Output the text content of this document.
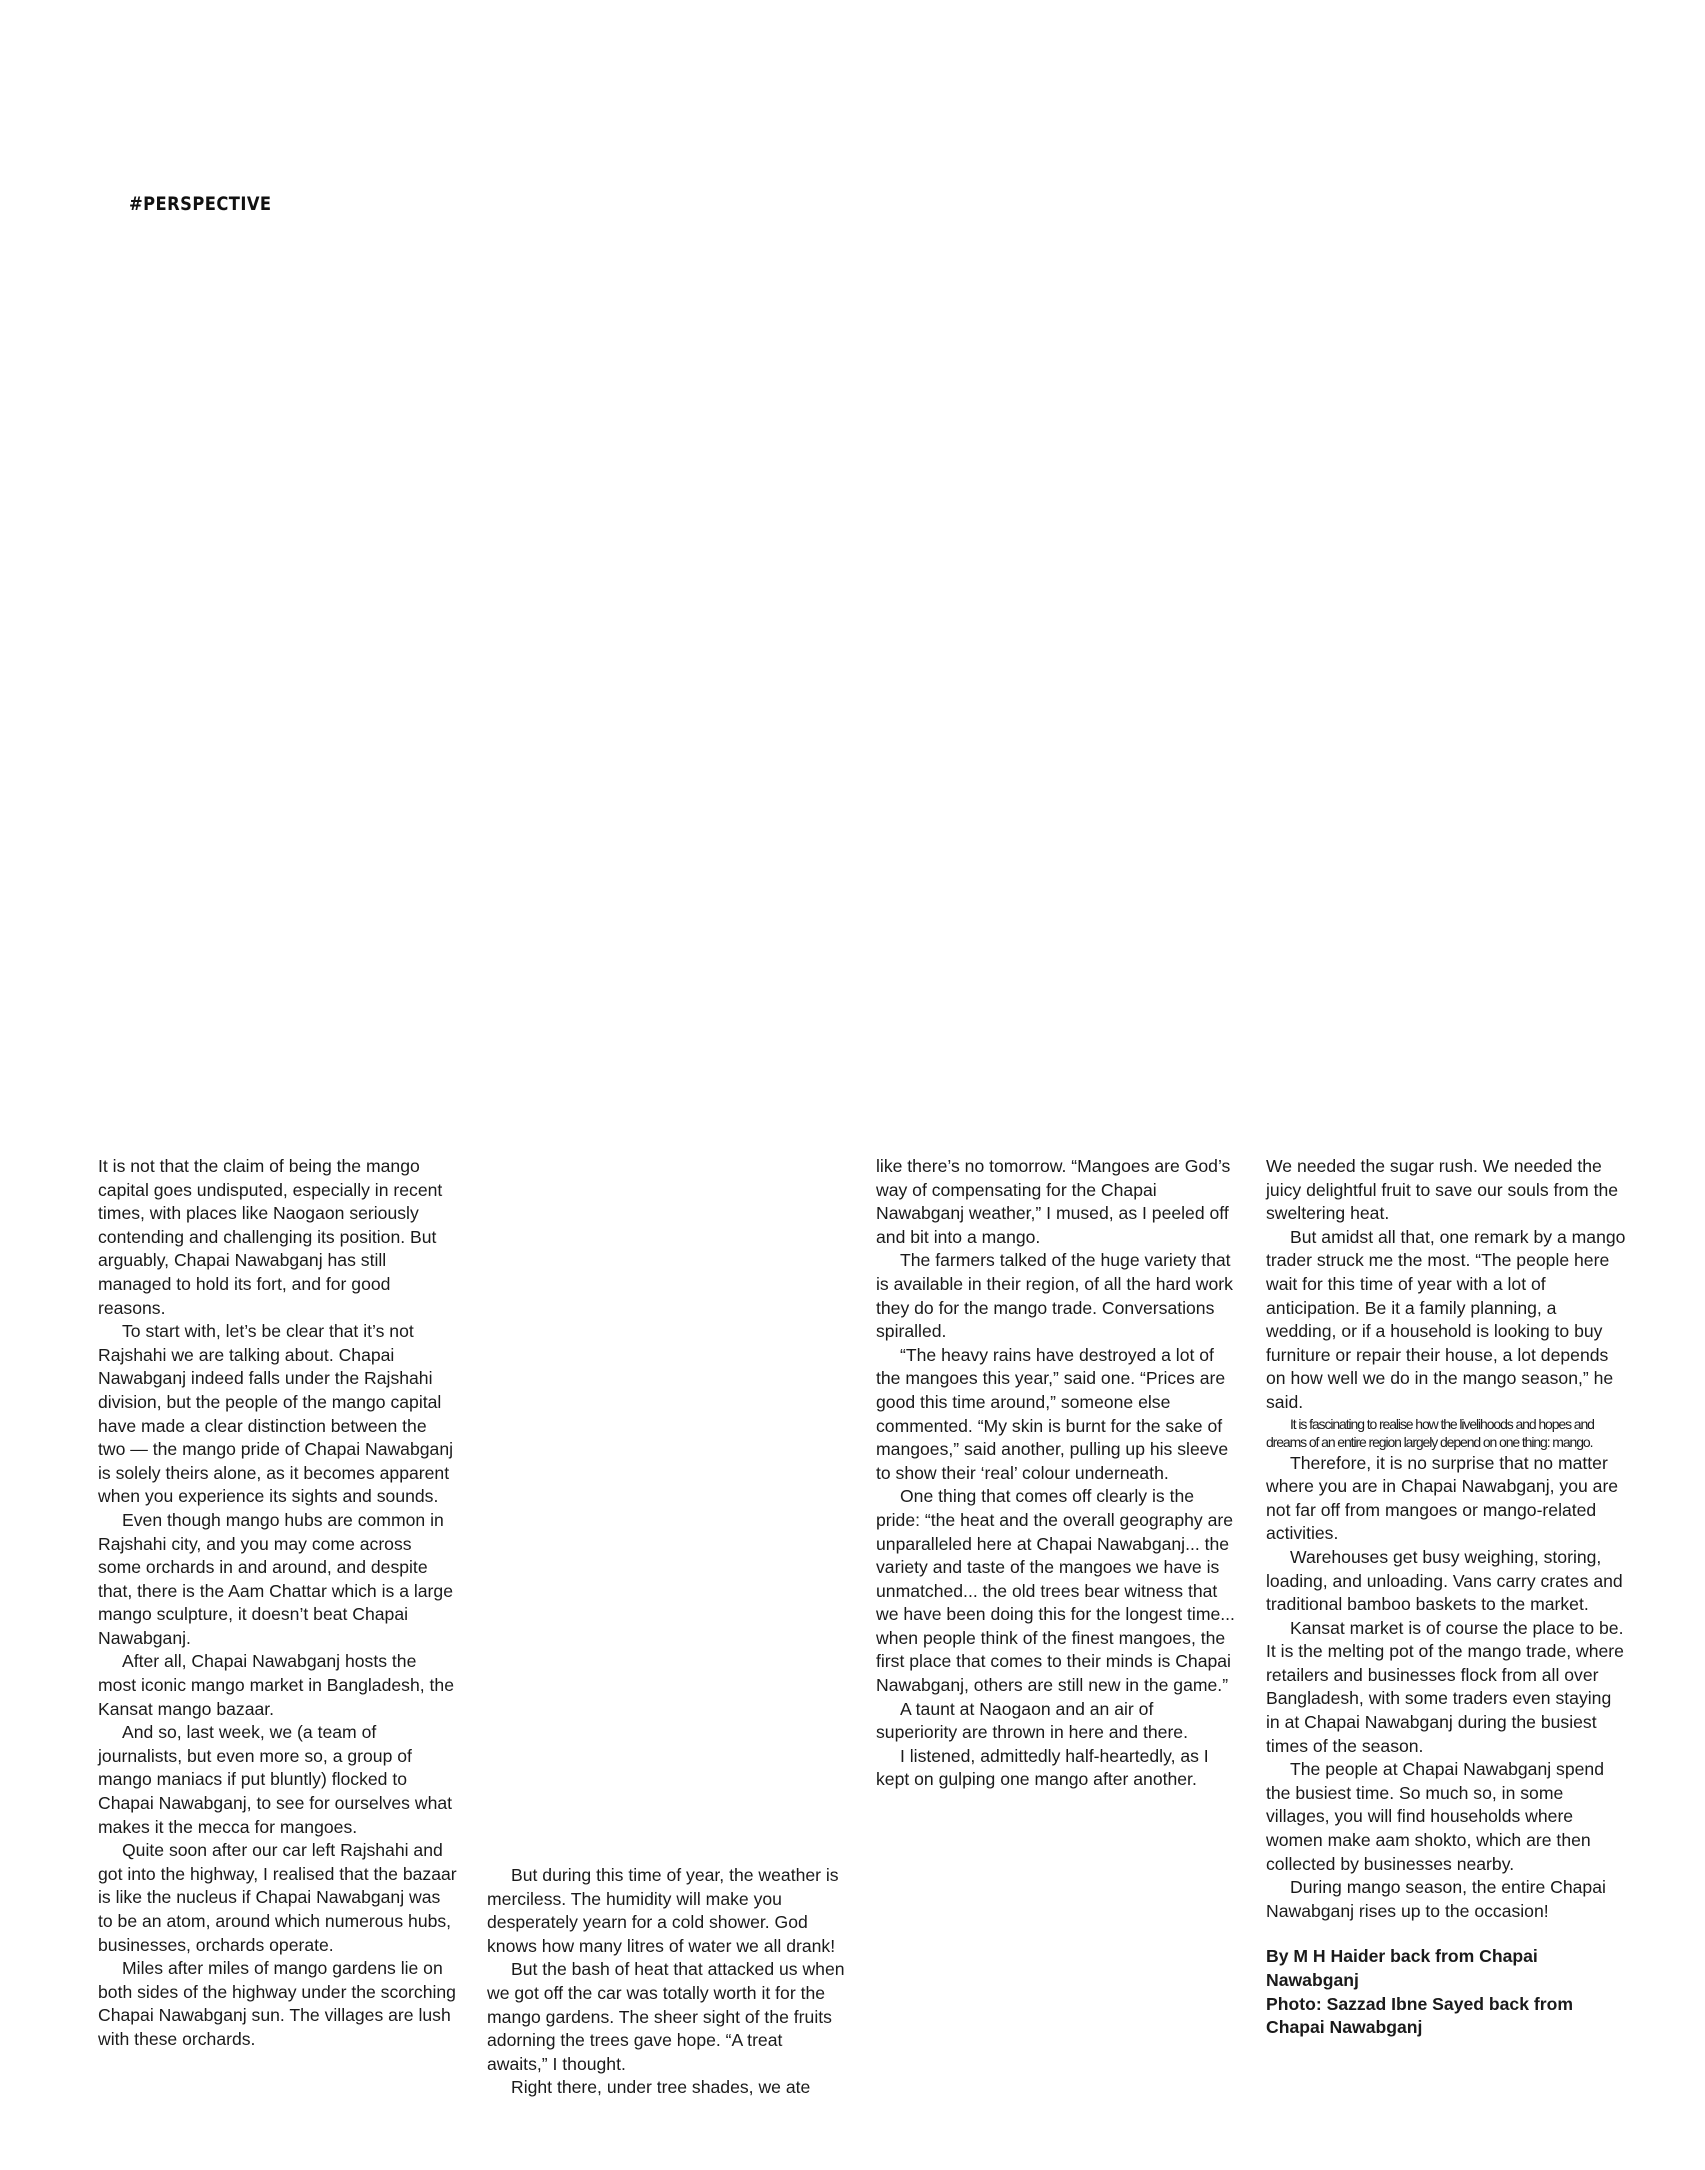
#PERSPECTIVE

It is not that the claim of being the mango capital goes undisputed, especially in recent times, with places like Naogaon seriously contending and challenging its position. But arguably, Chapai Nawabganj has still managed to hold its fort, and for good reasons.

To start with, let’s be clear that it’s not Rajshahi we are talking about. Chapai Nawabganj indeed falls under the Rajshahi division, but the people of the mango capital have made a clear distinction between the two — the mango pride of Chapai Nawabganj is solely theirs alone, as it becomes apparent when you experience its sights and sounds.

Even though mango hubs are common in Rajshahi city, and you may come across some orchards in and around, and despite that, there is the Aam Chattar which is a large mango sculpture, it doesn’t beat Chapai Nawabganj.

After all, Chapai Nawabganj hosts the most iconic mango market in Bangladesh, the Kansat mango bazaar.

And so, last week, we (a team of journalists, but even more so, a group of mango maniacs if put bluntly) flocked to Chapai Nawabganj, to see for ourselves what makes it the mecca for mangoes.

Quite soon after our car left Rajshahi and got into the highway, I realised that the bazaar is like the nucleus if Chapai Nawabganj was to be an atom, around which numerous hubs, businesses, orchards operate.

Miles after miles of mango gardens lie on both sides of the highway under the scorching Chapai Nawabganj sun. The villages are lush with these orchards.

But during this time of year, the weather is merciless. The humidity will make you desperately yearn for a cold shower. God knows how many litres of water we all drank!

But the bash of heat that attacked us when we got off the car was totally worth it for the mango gardens. The sheer sight of the fruits adorning the trees gave hope. “A treat awaits,” I thought.

Right there, under tree shades, we ate

like there’s no tomorrow. “Mangoes are God’s way of compensating for the Chapai Nawabganj weather,” I mused, as I peeled off and bit into a mango.

The farmers talked of the huge variety that is available in their region, of all the hard work they do for the mango trade. Conversations spiralled.

“The heavy rains have destroyed a lot of the mangoes this year,” said one. “Prices are good this time around,” someone else commented. “My skin is burnt for the sake of mangoes,” said another, pulling up his sleeve to show their ‘real’ colour underneath.

One thing that comes off clearly is the pride: “the heat and the overall geography are unparalleled here at Chapai Nawabganj... the variety and taste of the mangoes we have is unmatched... the old trees bear witness that we have been doing this for the longest time... when people think of the finest mangoes, the first place that comes to their minds is Chapai Nawabganj, others are still new in the game.”

A taunt at Naogaon and an air of superiority are thrown in here and there.

I listened, admittedly half-heartedly, as I kept on gulping one mango after another.

We needed the sugar rush. We needed the juicy delightful fruit to save our souls from the sweltering heat.

But amidst all that, one remark by a mango trader struck me the most. “The people here wait for this time of year with a lot of anticipation. Be it a family planning, a wedding, or if a household is looking to buy furniture or repair their house, a lot depends on how well we do in the mango season,” he said.

It is fascinating to realise how the livelihoods and hopes and dreams of an entire region largely depend on one thing: mango.

Therefore, it is no surprise that no matter where you are in Chapai Nawabganj, you are not far off from mangoes or mango-related activities.

Warehouses get busy weighing, storing, loading, and unloading. Vans carry crates and traditional bamboo baskets to the market.

Kansat market is of course the place to be. It is the melting pot of the mango trade, where retailers and businesses flock from all over Bangladesh, with some traders even staying in at Chapai Nawabganj during the busiest times of the season.

The people at Chapai Nawabganj spend the busiest time. So much so, in some villages, you will find households where women make aam shokto, which are then collected by businesses nearby.

During mango season, the entire Chapai Nawabganj rises up to the occasion!

By M H Haider back from Chapai Nawabganj
Photo: Sazzad Ibne Sayed back from Chapai Nawabganj
